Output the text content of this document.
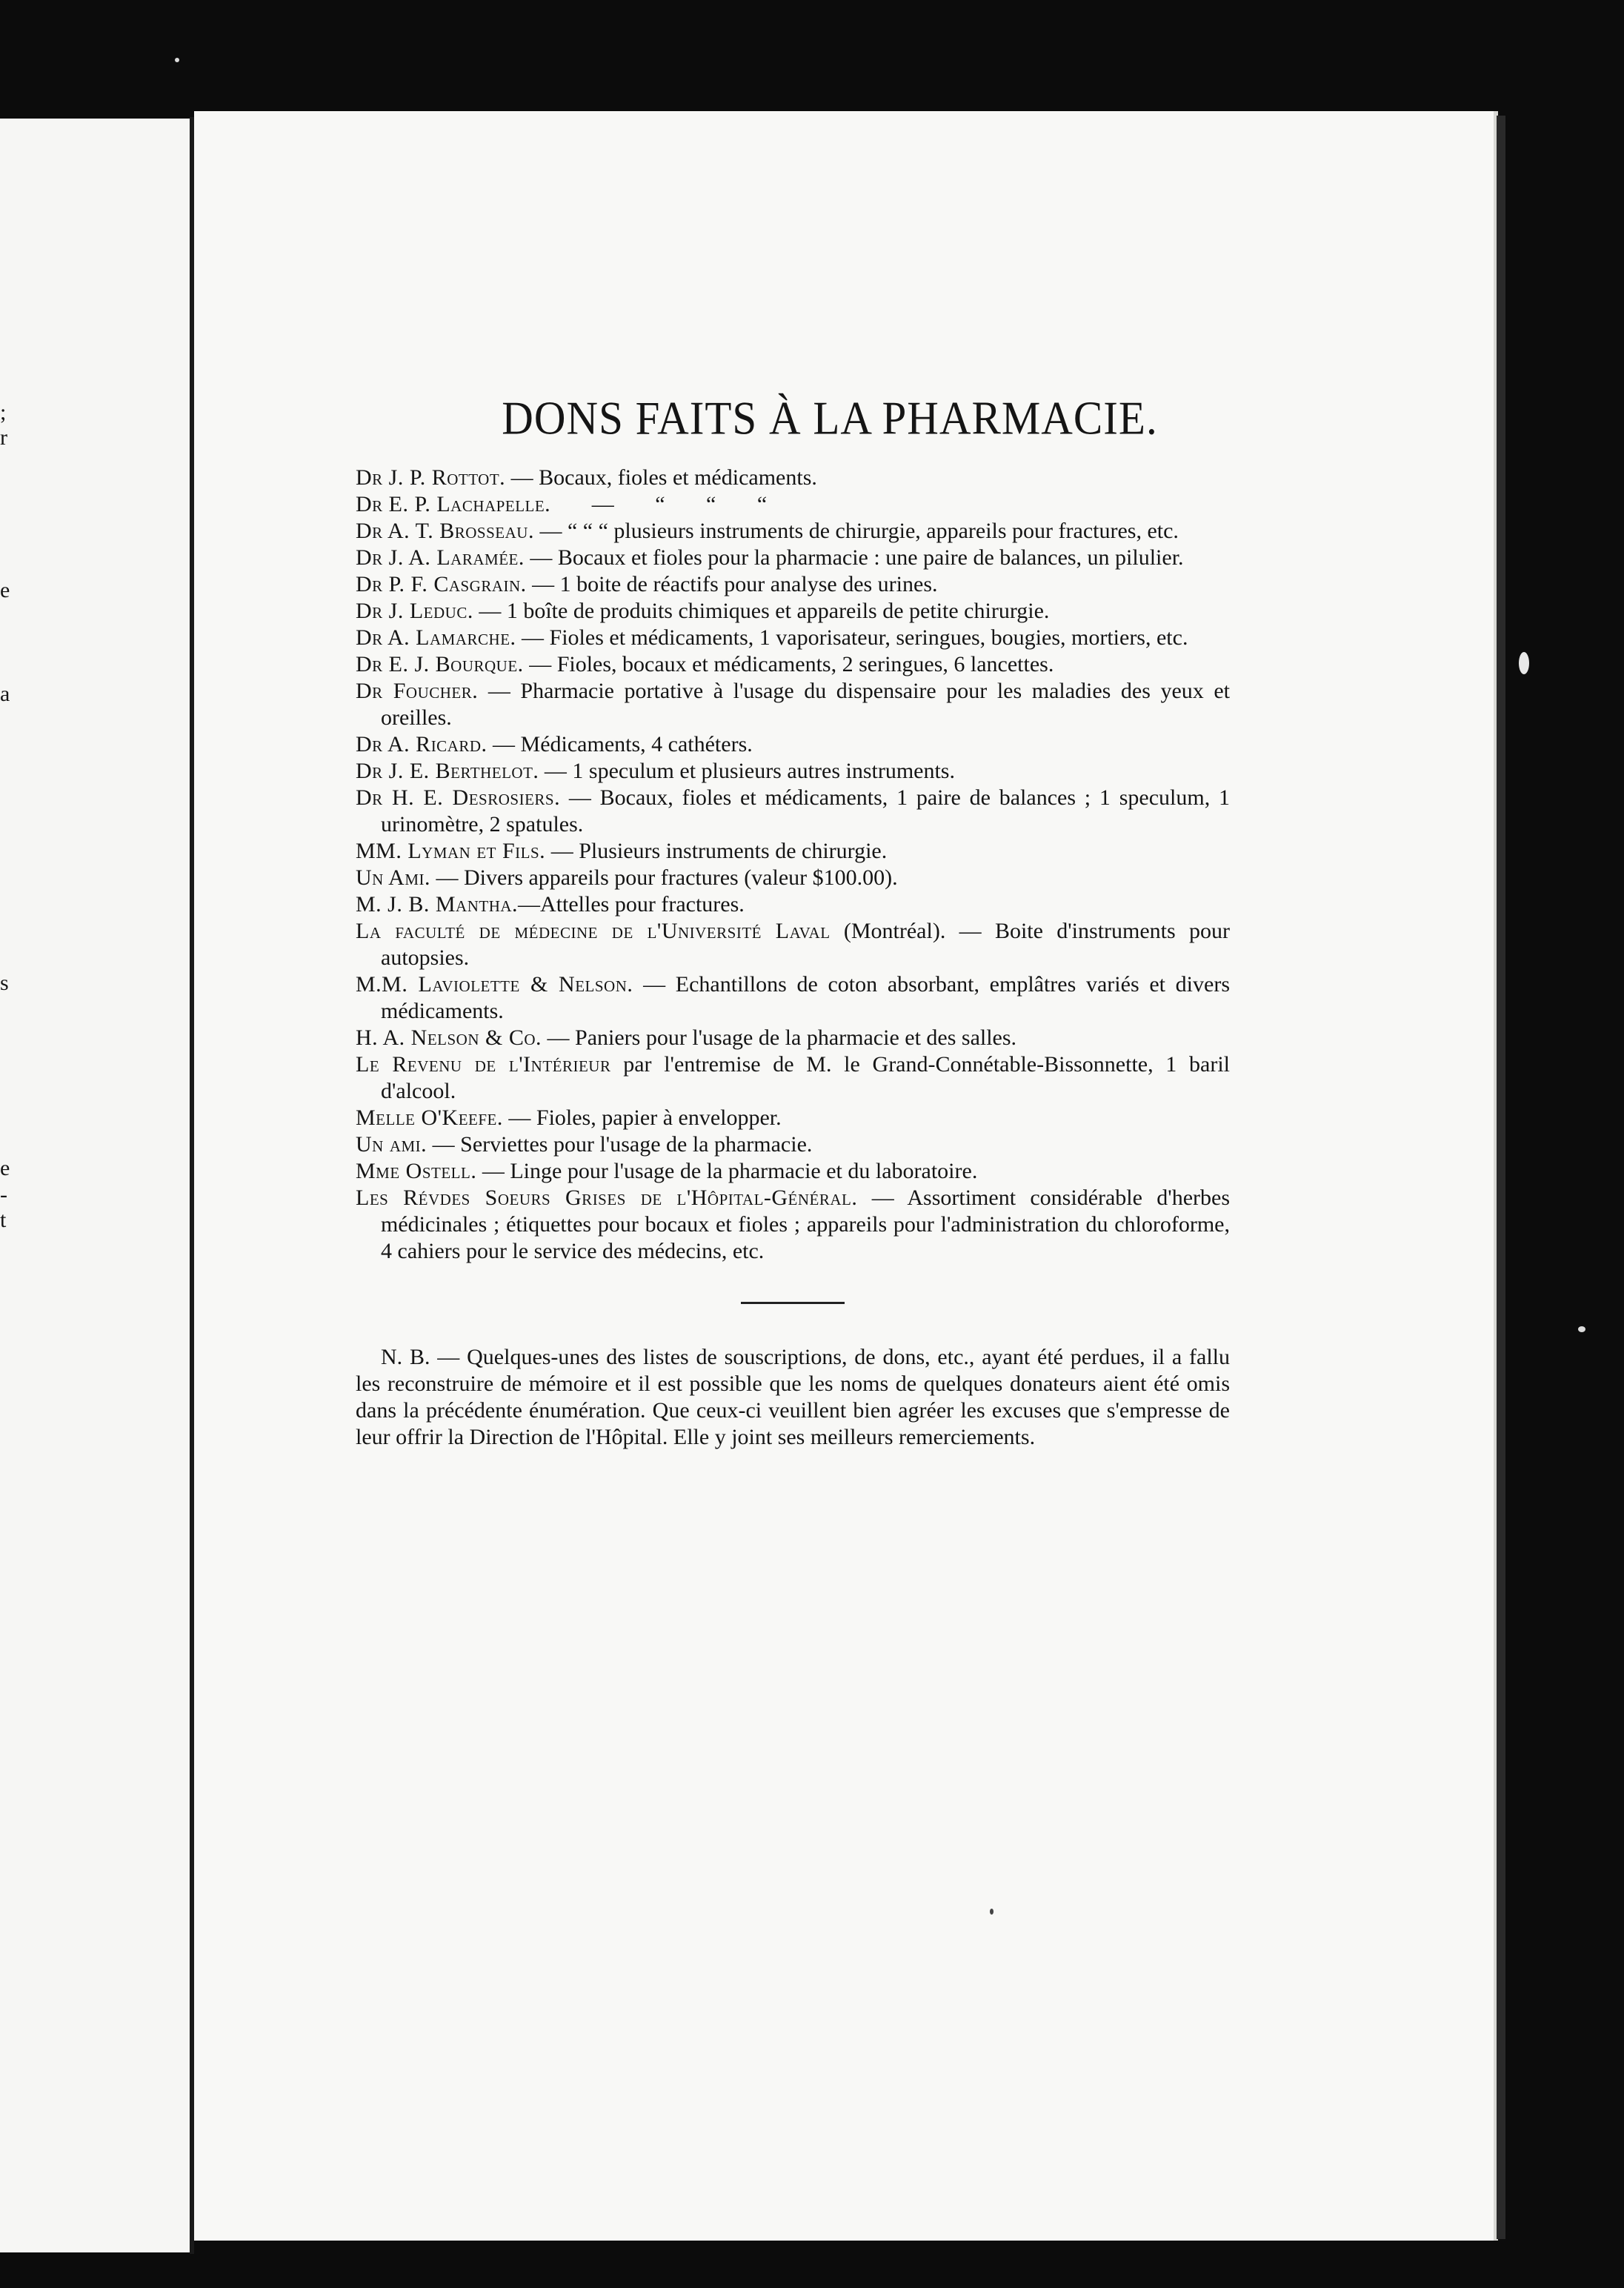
;
r
e
a
s
e
-
t
DONS FAITS À LA PHARMACIE.
Dr J. P. Rottot. — Bocaux, fioles et médicaments.
Dr E. P. Lachapelle. — “ “ “
Dr A. T. Brosseau. — “ “ “ plusieurs instruments de chirurgie, appareils pour fractures, etc.
Dr J. A. Laramée. — Bocaux et fioles pour la pharmacie : une paire de balances, un pilulier.
Dr P. F. Casgrain. — 1 boite de réactifs pour analyse des urines.
Dr J. Leduc. — 1 boîte de produits chimiques et appareils de petite chirurgie.
Dr A. Lamarche. — Fioles et médicaments, 1 vaporisateur, seringues, bougies, mortiers, etc.
Dr E. J. Bourque. — Fioles, bocaux et médicaments, 2 seringues, 6 lancettes.
Dr Foucher. — Pharmacie portative à l'usage du dispensaire pour les maladies des yeux et oreilles.
Dr A. Ricard. — Médicaments, 4 cathéters.
Dr J. E. Berthelot. — 1 speculum et plusieurs autres instruments.
Dr H. E. Desrosiers. — Bocaux, fioles et médicaments, 1 paire de balances ; 1 speculum, 1 urinomètre, 2 spatules.
MM. Lyman et Fils. — Plusieurs instruments de chirurgie.
Un Ami. — Divers appareils pour fractures (valeur $100.00).
M. J. B. Mantha.—Attelles pour fractures.
La faculté de médecine de l'Université Laval (Montréal). — Boite d'instruments pour autopsies.
M.M. Laviolette & Nelson. — Echantillons de coton absorbant, emplâtres variés et divers médicaments.
H. A. Nelson & Co. — Paniers pour l'usage de la pharmacie et des salles.
Le Revenu de l'Intérieur par l'entremise de M. le Grand-Connétable-Bissonnette, 1 baril d'alcool.
Melle O'Keefe. — Fioles, papier à envelopper.
Un ami. — Serviettes pour l'usage de la pharmacie.
Mme Ostell. — Linge pour l'usage de la pharmacie et du laboratoire.
Les Révdes Soeurs Grises de l'Hôpital-Général. — Assortiment considérable d'herbes médicinales ; étiquettes pour bocaux et fioles ; appareils pour l'administration du chloroforme, 4 cahiers pour le service des médecins, etc.

N. B. — Quelques-unes des listes de souscriptions, de dons, etc., ayant été perdues, il a fallu les reconstruire de mémoire et il est possible que les noms de quelques donateurs aient été omis dans la précédente énumération. Que ceux-ci veuillent bien agréer les excuses que s'empresse de leur offrir la Direction de l'Hôpital. Elle y joint ses meilleurs remerciements.
